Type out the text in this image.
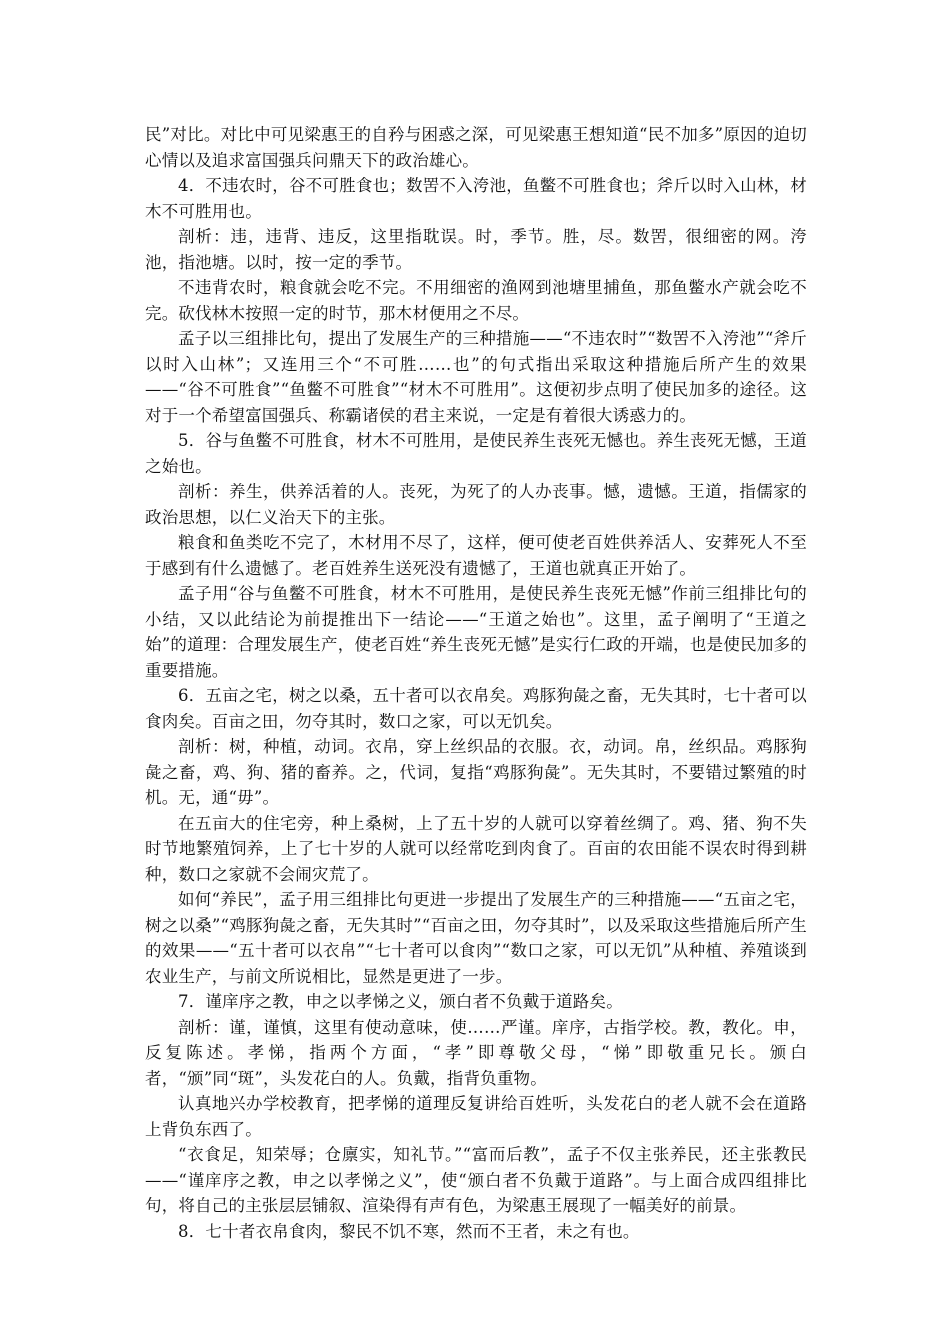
民”对比。对比中可见梁惠王的自矜与困惑之深，可见梁惠王想知道“民不加多”原因的迫切心情以及追求富国强兵问鼎天下的政治雄心。

4．不违农时，谷不可胜食也；数罟不入洿池，鱼鳖不可胜食也；斧斤以时入山林，材木不可胜用也。

剖析：违，违背、违反，这里指耽误。时，季节。胜，尽。数罟，很细密的网。洿池，指池塘。以时，按一定的季节。

不违背农时，粮食就会吃不完。不用细密的渔网到池塘里捕鱼，那鱼鳖水产就会吃不完。砍伐林木按照一定的时节，那木材便用之不尽。

孟子以三组排比句，提出了发展生产的三种措施——“不违农时”“数罟不入洿池”“斧斤以时入山林”；又连用三个“不可胜……也”的句式指出采取这种措施后所产生的效果——“谷不可胜食”“鱼鳖不可胜食”“材木不可胜用”。这便初步点明了使民加多的途径。这对于一个希望富国强兵、称霸诸侯的君主来说，一定是有着很大诱惑力的。

5．谷与鱼鳖不可胜食，材木不可胜用，是使民养生丧死无憾也。养生丧死无憾，王道之始也。

剖析：养生，供养活着的人。丧死，为死了的人办丧事。憾，遗憾。王道，指儒家的政治思想，以仁义治天下的主张。

粮食和鱼类吃不完了，木材用不尽了，这样，便可使老百姓供养活人、安葬死人不至于感到有什么遗憾了。老百姓养生送死没有遗憾了，王道也就真正开始了。

孟子用“谷与鱼鳖不可胜食，材木不可胜用，是使民养生丧死无憾”作前三组排比句的小结，又以此结论为前提推出下一结论——“王道之始也”。这里，孟子阐明了“王道之始”的道理：合理发展生产，使老百姓“养生丧死无憾”是实行仁政的开端，也是使民加多的重要措施。

6．五亩之宅，树之以桑，五十者可以衣帛矣。鸡豚狗彘之畜，无失其时，七十者可以食肉矣。百亩之田，勿夺其时，数口之家，可以无饥矣。

剖析：树，种植，动词。衣帛，穿上丝织品的衣服。衣，动词。帛，丝织品。鸡豚狗彘之畜，鸡、狗、猪的畜养。之，代词，复指“鸡豚狗彘”。无失其时，不要错过繁殖的时机。无，通“毋”。

在五亩大的住宅旁，种上桑树，上了五十岁的人就可以穿着丝绸了。鸡、猪、狗不失时节地繁殖饲养，上了七十岁的人就可以经常吃到肉食了。百亩的农田能不误农时得到耕种，数口之家就不会闹灾荒了。

如何“养民”，孟子用三组排比句更进一步提出了发展生产的三种措施——“五亩之宅，树之以桑”“鸡豚狗彘之畜，无失其时”“百亩之田，勿夺其时”，以及采取这些措施后所产生的效果——“五十者可以衣帛”“七十者可以食肉”“数口之家，可以无饥”从种植、养殖谈到农业生产，与前文所说相比，显然是更进了一步。

7．谨庠序之教，申之以孝悌之义，颁白者不负戴于道路矣。

剖析：谨，谨慎，这里有使动意味，使……严谨。庠序，古指学校。教，教化。申，反复陈述。孝悌，指两个方面，“孝”即尊敬父母，“悌”即敬重兄长。颁白者，“颁”同“斑”，头发花白的人。负戴，指背负重物。

认真地兴办学校教育，把孝悌的道理反复讲给百姓听，头发花白的老人就不会在道路上背负东西了。

“衣食足，知荣辱；仓廪实，知礼节。”“富而后教”，孟子不仅主张养民，还主张教民——“谨庠序之教，申之以孝悌之义”，使“颁白者不负戴于道路”。与上面合成四组排比句，将自己的主张层层铺叙、渲染得有声有色，为梁惠王展现了一幅美好的前景。

8．七十者衣帛食肉，黎民不饥不寒，然而不王者，未之有也。
